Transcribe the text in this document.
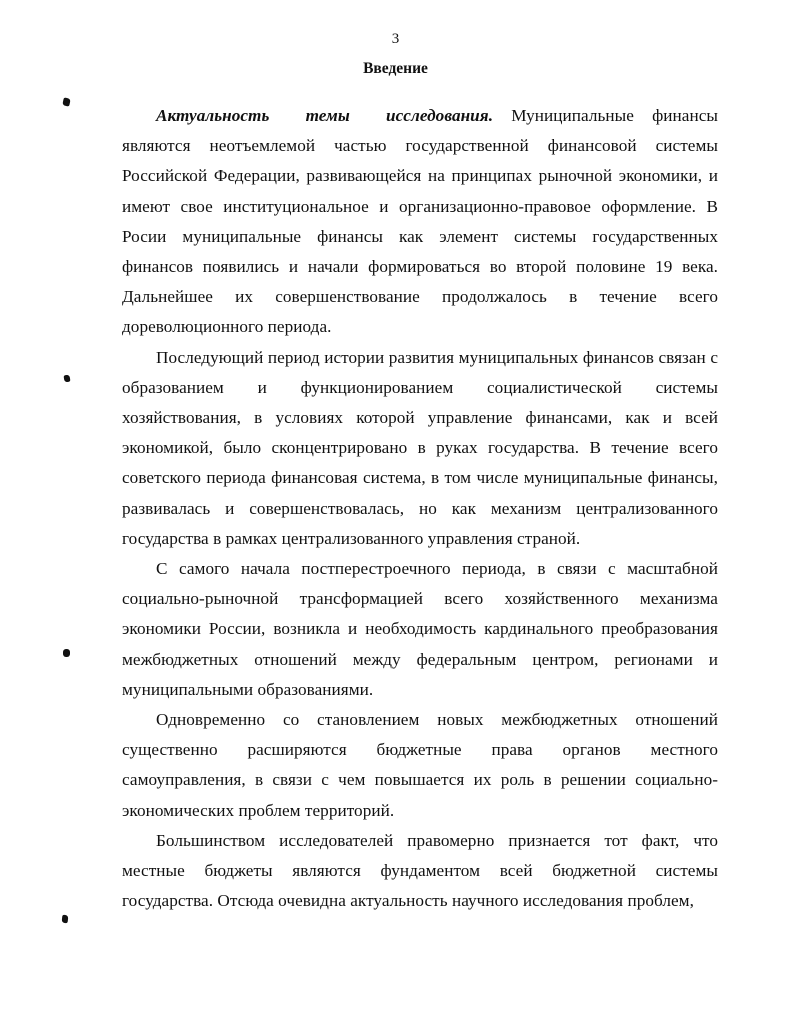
3
Введение

Актуальность темы исследования. Муниципальные финансы являются неотъемлемой частью государственной финансовой системы Российской Федерации, развивающейся на принципах рыночной экономики, и имеют свое институциональное и организационно-правовое оформление. В Росии муниципальные финансы как элемент системы государственных финансов появились и начали формироваться во второй половине 19 века. Дальнейшее их совершенствование продолжалось в течение всего дореволюционного периода.

Последующий период истории развития муниципальных финансов связан с образованием и функционированием социалистической системы хозяйствования, в условиях которой управление финансами, как и всей экономикой, было сконцентрировано в руках государства. В течение всего советского периода финансовая система, в том числе муниципальные финансы, развивалась и совершенствовалась, но как механизм централизованного государства в рамках централизованного управления страной.

С самого начала постперестроечного периода, в связи с масштабной социально-рыночной трансформацией всего хозяйственного механизма экономики России, возникла и необходимость кардинального преобразования межбюджетных отношений между федеральным центром, регионами и муниципальными образованиями.

Одновременно со становлением новых межбюджетных отношений существенно расширяются бюджетные права органов местного самоуправления, в связи с чем повышается их роль в решении социально-экономических проблем территорий.

Большинством исследователей правомерно признается тот факт, что местные бюджеты являются фундаментом всей бюджетной системы государства. Отсюда очевидна актуальность научного исследования проблем,
